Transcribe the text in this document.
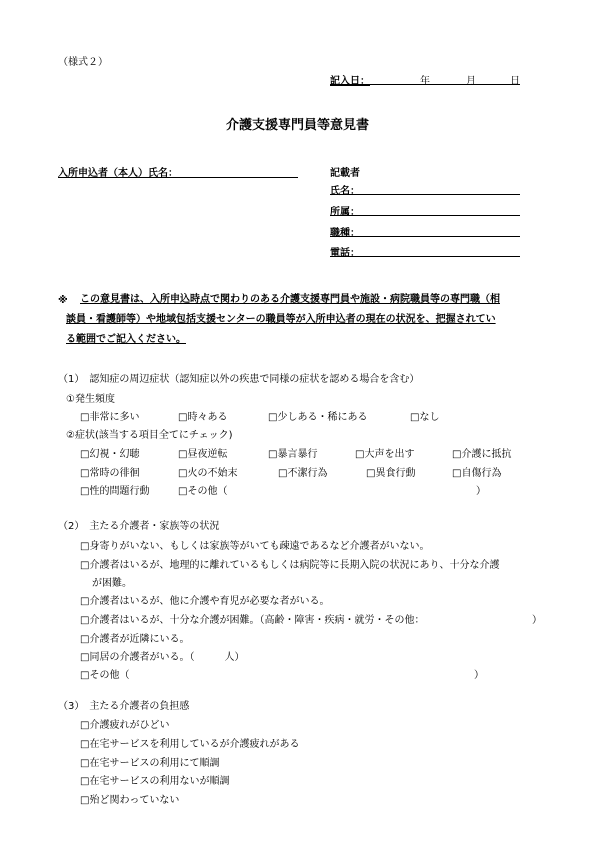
（様式２）
記入日：	年	月	日
介護支援専門員等意見書
入所申込者（本人）氏名：	記載者
氏名：
所属：
職種：
電話：
※ この意見書は、入所申込時点で関わりのある介護支援専門員や施設・病院職員等の専門職（相
談員・看護師等）や地域包括支援センターの職員等が入所申込者の現在の状況を、把握されてい
る範囲でご記入ください。
（1）　認知症の周辺症状（認知症以外の疾患で同様の症状を認める場合を含む）
①発生頻度
□非常に多い	□時々ある	□少しある・稀にある	□なし
②症状(該当する項目全てにチェック)
□幻視・幻聴	□昼夜逆転	□暴言暴行	□大声を出す	□介護に抵抗
□常時の徘徊	□火の不始末	□不潔行為	□異食行動	□自傷行為
□性的問題行動	□その他（	）
（2）　主たる介護者・家族等の状況
□身寄りがいない、もしくは家族等がいても疎遠であるなど介護者がいない。
□介護者はいるが、地理的に離れているもしくは病院等に長期入院の状況にあり、十分な介護
が困難。
□介護者はいるが、他に介護や育児が必要な者がいる。
□介護者はいるが、十分な介護が困難。（高齢・障害・疾病・就労・その他：	）
□介護者が近隣にいる。
□同居の介護者がいる。（　　　人）
□その他（	）
（3）　主たる介護者の負担感
□介護疲れがひどい
□在宅サービスを利用しているが介護疲れがある
□在宅サービスの利用にて順調
□在宅サービスの利用ないが順調
□殆ど関わっていない
